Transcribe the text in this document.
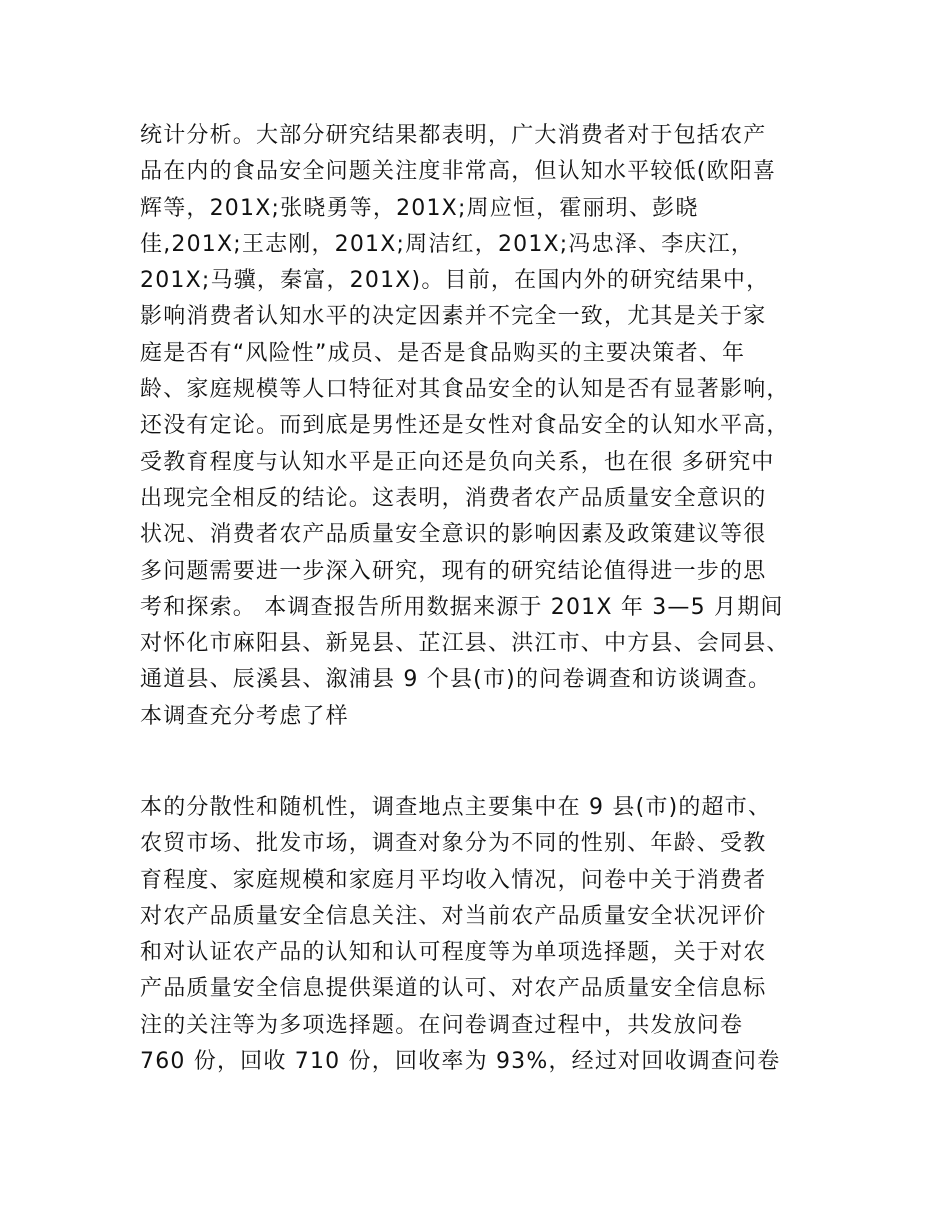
统计分析。大部分研究结果都表明，广大消费者对于包括农产
品在内的食品安全问题关注度非常高，但认知水平较低(欧阳喜
辉等，201X;张晓勇等，201X;周应恒，霍丽玥、彭晓
佳,201X;王志刚，201X;周洁红，201X;冯忠泽、李庆江，
201X;马骥，秦富，201X)。目前，在国内外的研究结果中，
影响消费者认知水平的决定因素并不完全一致，尤其是关于家
庭是否有“风险性”成员、是否是食品购买的主要决策者、年
龄、家庭规模等人口特征对其食品安全的认知是否有显著影响，
还没有定论。而到底是男性还是女性对食品安全的认知水平高，
受教育程度与认知水平是正向还是负向关系，也在很 多研究中
出现完全相反的结论。这表明，消费者农产品质量安全意识的
状况、消费者农产品质量安全意识的影响因素及政策建议等很
多问题需要进一步深入研究，现有的研究结论值得进一步的思
考和探索。 本调查报告所用数据来源于 201X 年 3—5 月期间
对怀化市麻阳县、新晃县、芷江县、洪江市、中方县、会同县、
通道县、辰溪县、溆浦县 9 个县(市)的问卷调查和访谈调查。
本调查充分考虑了样
本的分散性和随机性，调查地点主要集中在 9 县(市)的超市、
农贸市场、批发市场，调查对象分为不同的性别、年龄、受教
育程度、家庭规模和家庭月平均收入情况，问卷中关于消费者
对农产品质量安全信息关注、对当前农产品质量安全状况评价
和对认证农产品的认知和认可程度等为单项选择题，关于对农
产品质量安全信息提供渠道的认可、对农产品质量安全信息标
注的关注等为多项选择题。在问卷调查过程中，共发放问卷
760 份，回收 710 份，回收率为 93%，经过对回收调查问卷
